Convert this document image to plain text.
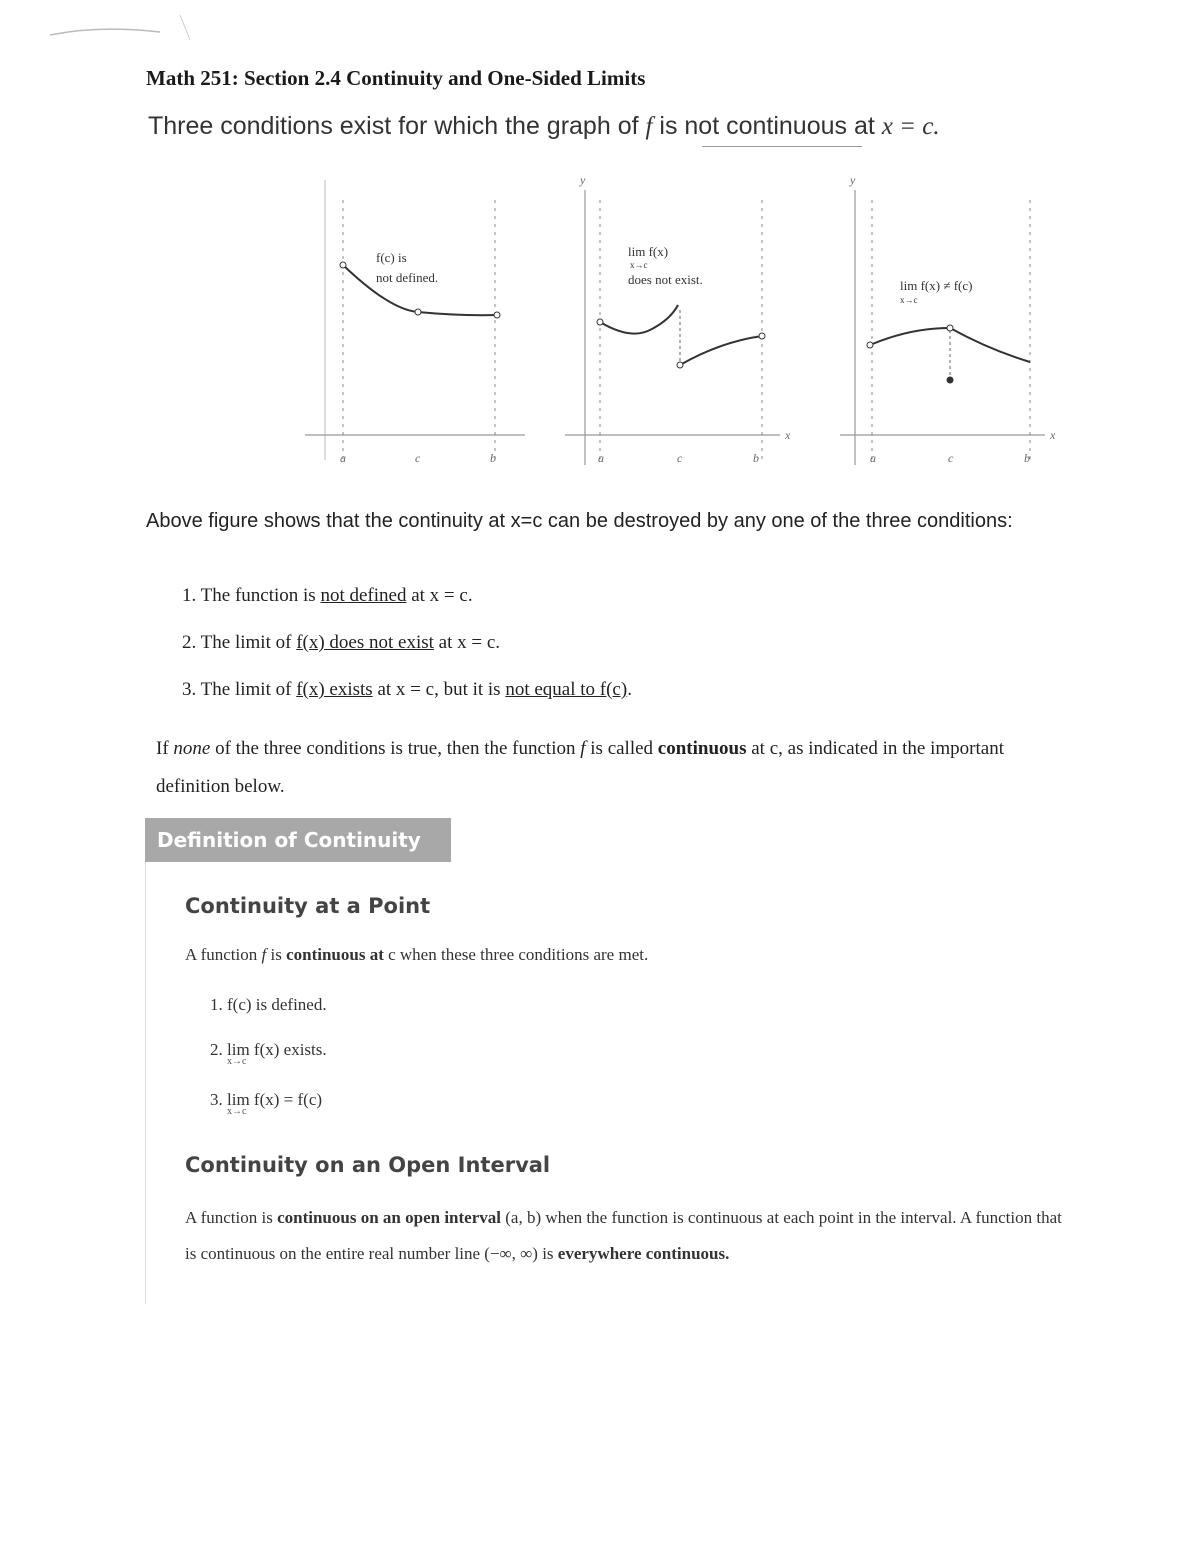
Math 251: Section 2.4 Continuity and One-Sided Limits
Three conditions exist for which the graph of f is not continuous at x = c.
f(c) is
not defined.
a	c	b
y
x
lim f(x)
x→c
does not exist.
a	c	b
y
x
lim f(x) ≠ f(c)
x→c
a	c	b
Above figure shows that the continuity at x=c can be destroyed by any one of the three conditions:
1. The function is not defined at x = c.
2. The limit of f(x) does not exist at x = c.
3. The limit of f(x) exists at x = c, but it is not equal to f(c).
If none of the three conditions is true, then the function f is called continuous at c, as indicated in the important definition below.
Definition of Continuity
Continuity at a Point
A function f is continuous at c when these three conditions are met.
1. f(c) is defined.
2. lim
x→c
f(x) exists.
3. lim
x→c
f(x) = f(c)
Continuity on an Open Interval
A function is continuous on an open interval (a, b) when the function is continuous at each point in the interval. A function that is continuous on the entire real number line (−∞, ∞) is everywhere continuous.
